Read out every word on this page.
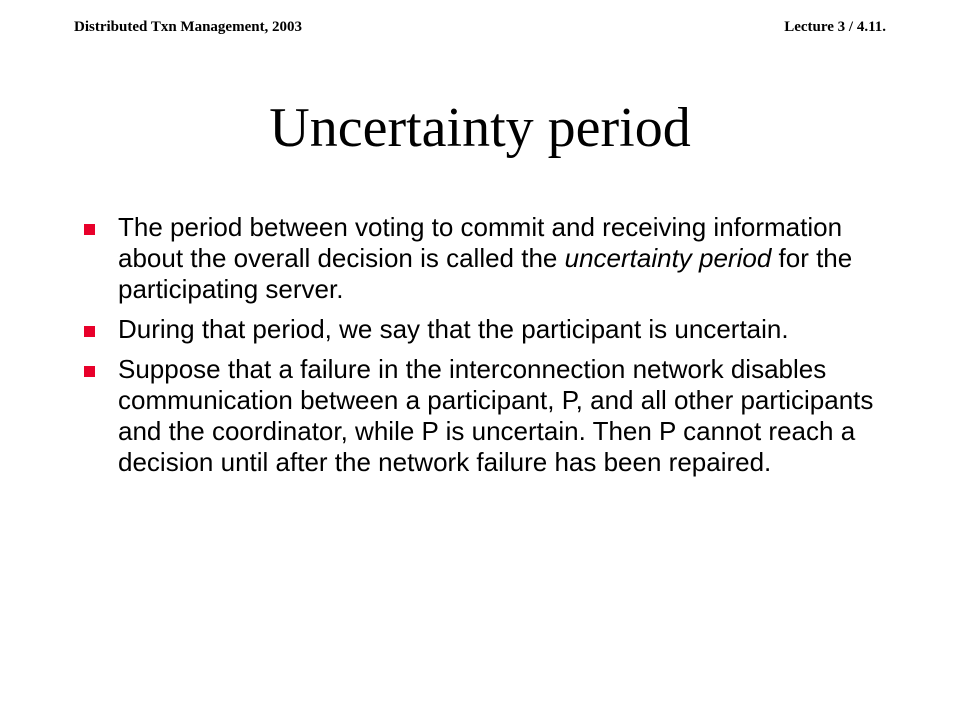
Distributed Txn Management, 2003	Lecture 3 / 4.11.
Uncertainty period
The period between voting to commit and receiving information about the overall decision is called the uncertainty period for the participating server.
During that period, we say that the participant is uncertain.
Suppose that a failure in the interconnection network disables communication between a participant, P, and all other participants and the coordinator, while P is uncertain. Then P cannot reach a decision until after the network failure has been repaired.
